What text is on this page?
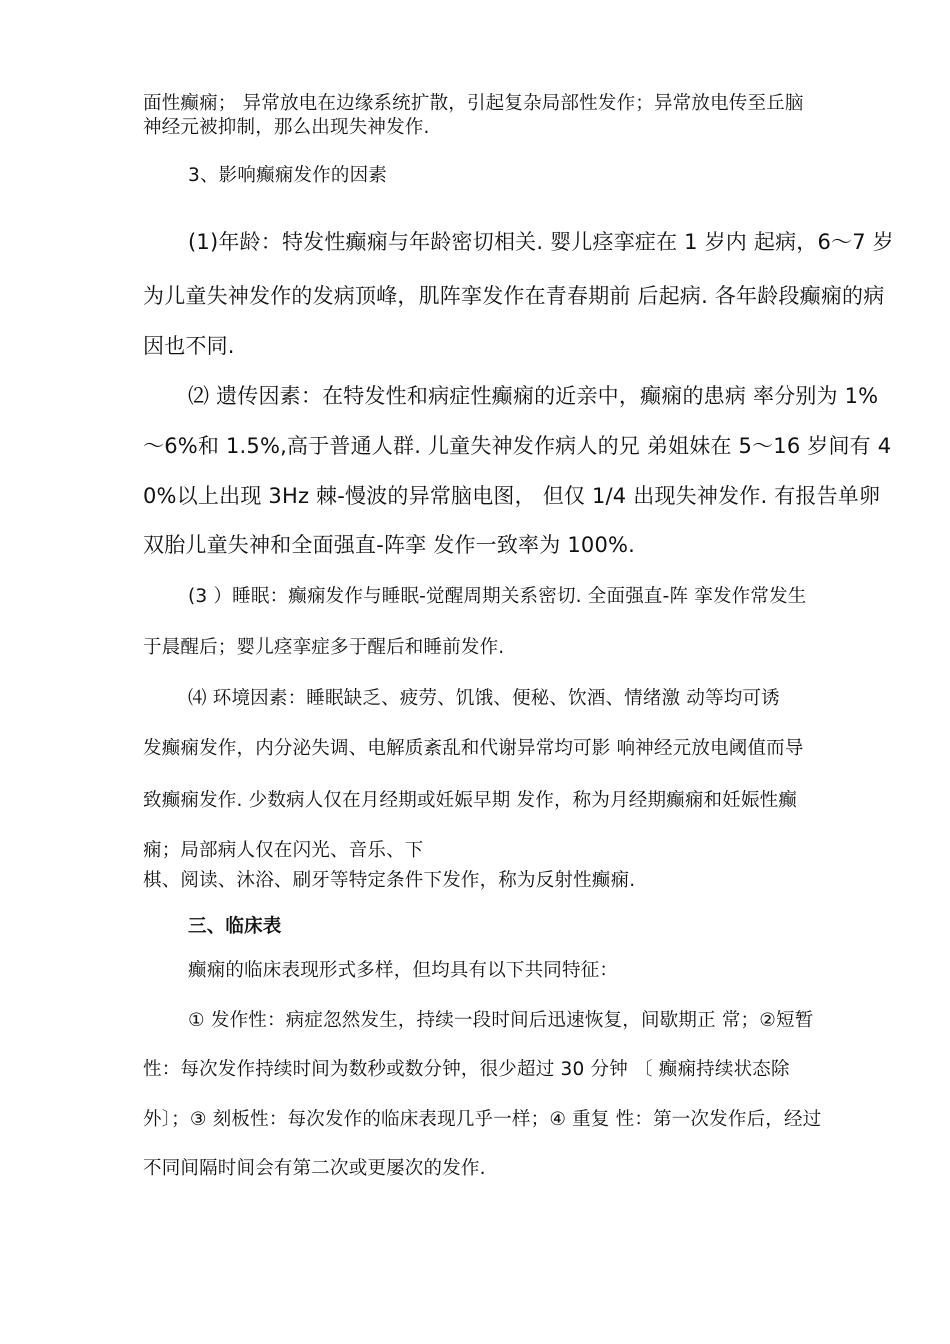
面性癫痫； 异常放电在边缘系统扩散，引起复杂局部性发作；异常放电传至丘脑

神经元被抑制，那么出现失神发作.

3、影响癫痫发作的因素

(1)年龄：特发性癫痫与年龄密切相关. 婴儿痉挛症在 1 岁内 起病，6〜7 岁

为儿童失神发作的发病顶峰，肌阵挛发作在青春期前 后起病. 各年龄段癫痫的病

因也不同.

⑵ 遗传因素：在特发性和病症性癫痫的近亲中，癫痫的患病 率分别为 1%

〜6%和 1.5%,高于普通人群. 儿童失神发作病人的兄 弟姐妹在 5〜16 岁间有 4

0%以上出现 3Hz 棘-慢波的异常脑电图， 但仅 1/4 出现失神发作. 有报告单卵

双胎儿童失神和全面强直-阵挛 发作一致率为 100%.

(3 ）睡眠：癫痫发作与睡眠-觉醒周期关系密切. 全面强直-阵 挛发作常发生

于晨醒后；婴儿痉挛症多于醒后和睡前发作.

⑷ 环境因素：睡眠缺乏、疲劳、饥饿、便秘、饮酒、情绪激 动等均可诱

发癫痫发作，内分泌失调、电解质紊乱和代谢异常均可影 响神经元放电阈值而导

致癫痫发作. 少数病人仅在月经期或妊娠早期 发作，称为月经期癫痫和妊娠性癫

痫；局部病人仅在闪光、音乐、下

棋、阅读、沐浴、刷牙等特定条件下发作，称为反射性癫痫.

三、临床表

癫痫的临床表现形式多样，但均具有以下共同特征：

① 发作性：病症忽然发生，持续一段时间后迅速恢复，间歇期正 常；②短暂

性：每次发作持续时间为数秒或数分钟，很少超过 30 分钟 〔 癫痫持续状态除

外〕；③ 刻板性：每次发作的临床表现几乎一样；④ 重复 性：第一次发作后，经过

不同间隔时间会有第二次或更屡次的发作.
